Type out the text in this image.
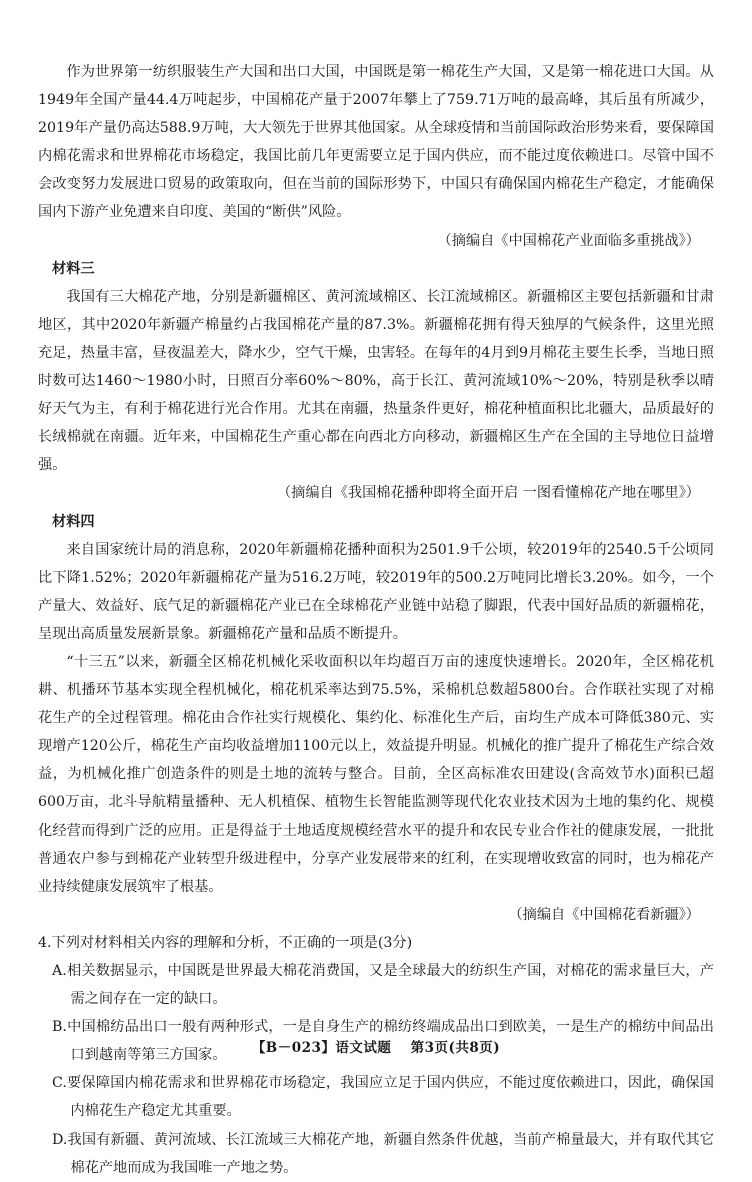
作为世界第一纺织服装生产大国和出口大国，中国既是第一棉花生产大国，又是第一棉花进口大国。从1949年全国产量44.4万吨起步，中国棉花产量于2007年攀上了759.71万吨的最高峰，其后虽有所减少，2019年产量仍高达588.9万吨，大大领先于世界其他国家。从全球疫情和当前国际政治形势来看，要保障国内棉花需求和世界棉花市场稳定，我国比前几年更需要立足于国内供应，而不能过度依赖进口。尽管中国不会改变努力发展进口贸易的政策取向，但在当前的国际形势下，中国只有确保国内棉花生产稳定，才能确保国内下游产业免遭来自印度、美国的“断供”风险。

（摘编自《中国棉花产业面临多重挑战》）

材料三

我国有三大棉花产地，分别是新疆棉区、黄河流域棉区、长江流域棉区。新疆棉区主要包括新疆和甘肃地区，其中2020年新疆产棉量约占我国棉花产量的87.3%。新疆棉花拥有得天独厚的气候条件，这里光照充足，热量丰富，昼夜温差大，降水少，空气干燥，虫害轻。在每年的4月到9月棉花主要生长季，当地日照时数可达1460～1980小时，日照百分率60%～80%，高于长江、黄河流域10%～20%，特别是秋季以晴好天气为主，有利于棉花进行光合作用。尤其在南疆，热量条件更好，棉花种植面积比北疆大，品质最好的长绒棉就在南疆。近年来，中国棉花生产重心都在向西北方向移动，新疆棉区生产在全国的主导地位日益增强。

（摘编自《我国棉花播种即将全面开启 一图看懂棉花产地在哪里》）

材料四

来自国家统计局的消息称，2020年新疆棉花播种面积为2501.9千公顷，较2019年的2540.5千公顷同比下降1.52%；2020年新疆棉花产量为516.2万吨，较2019年的500.2万吨同比增长3.20%。如今，一个产量大、效益好、底气足的新疆棉花产业已在全球棉花产业链中站稳了脚跟，代表中国好品质的新疆棉花，呈现出高质量发展新景象。新疆棉花产量和品质不断提升。

“十三五”以来，新疆全区棉花机械化采收面积以年均超百万亩的速度快速增长。2020年，全区棉花机耕、机播环节基本实现全程机械化，棉花机采率达到75.5%，采棉机总数超5800台。合作联社实现了对棉花生产的全过程管理。棉花由合作社实行规模化、集约化、标准化生产后，亩均生产成本可降低380元、实现增产120公斤，棉花生产亩均收益增加1100元以上，效益提升明显。机械化的推广提升了棉花生产综合效益，为机械化推广创造条件的则是土地的流转与整合。目前，全区高标准农田建设(含高效节水)面积已超600万亩，北斗导航精量播种、无人机植保、植物生长智能监测等现代化农业技术因为土地的集约化、规模化经营而得到广泛的应用。正是得益于土地适度规模经营水平的提升和农民专业合作社的健康发展，一批批普通农户参与到棉花产业转型升级进程中，分享产业发展带来的红利，在实现增收致富的同时，也为棉花产业持续健康发展筑牢了根基。

（摘编自《中国棉花看新疆》）

4.下列对材料相关内容的理解和分析，不正确的一项是(3分)

A.相关数据显示，中国既是世界最大棉花消费国，又是全球最大的纺织生产国，对棉花的需求量巨大，产需之间存在一定的缺口。

B.中国棉纺品出口一般有两种形式，一是自身生产的棉纺终端成品出口到欧美，一是生产的棉纺中间品出口到越南等第三方国家。

C.要保障国内棉花需求和世界棉花市场稳定，我国应立足于国内供应，不能过度依赖进口，因此，确保国内棉花生产稳定尤其重要。

D.我国有新疆、黄河流域、长江流域三大棉花产地，新疆自然条件优越，当前产棉量最大，并有取代其它棉花产地而成为我国唯一产地之势。

【B－023】语文试题 第3页(共8页)
